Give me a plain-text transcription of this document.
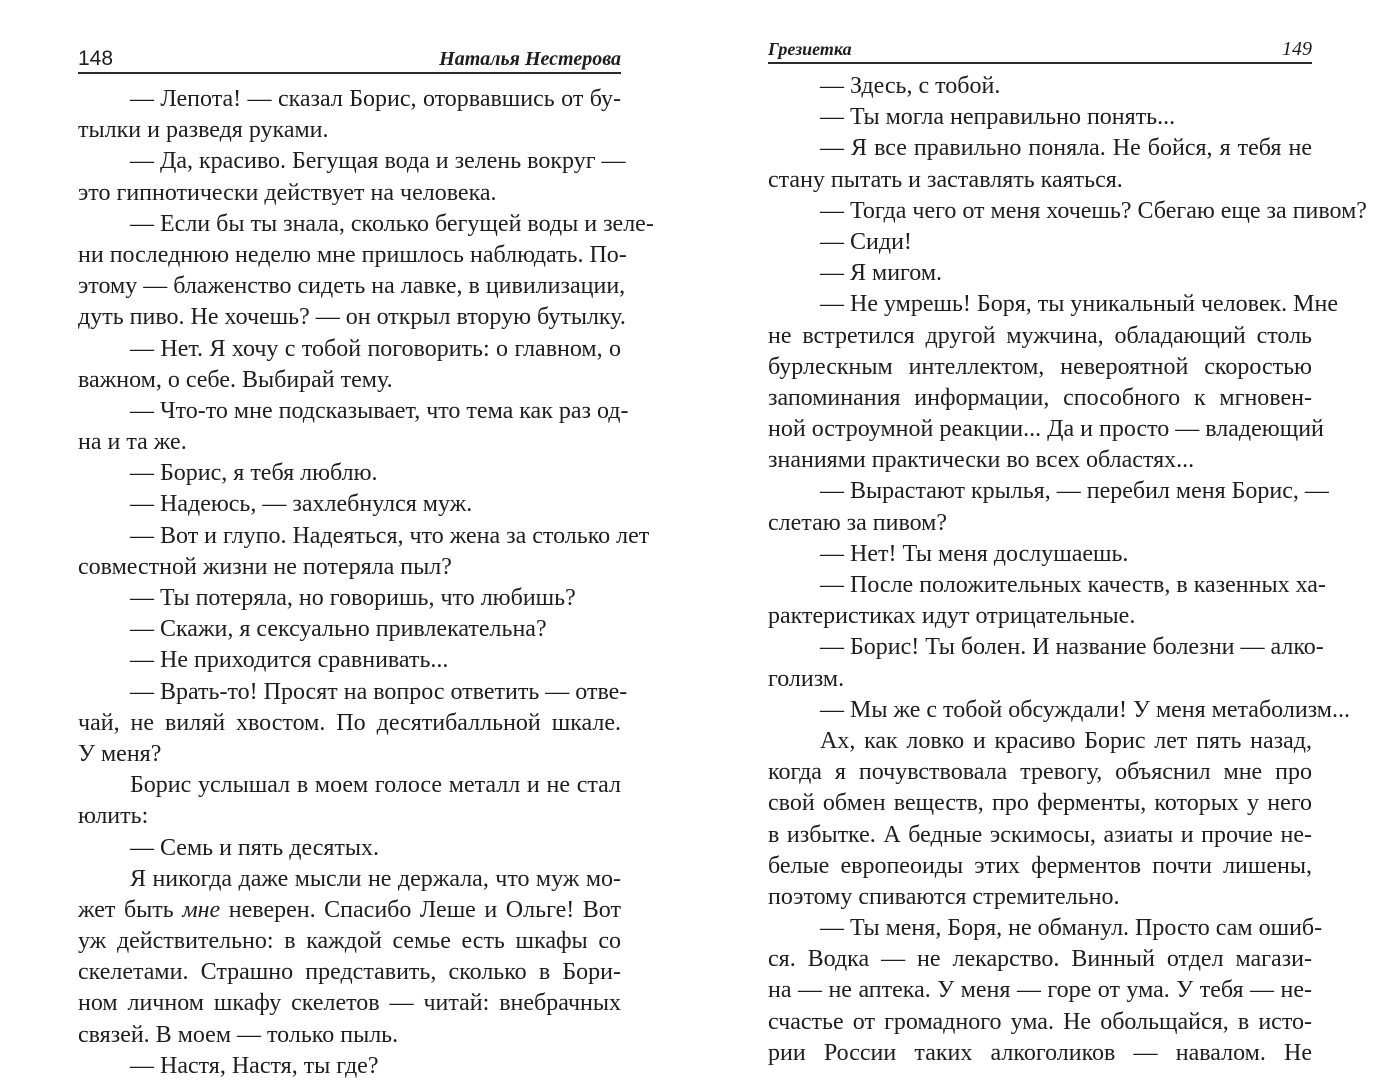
148	Наталья Нестерова
— Лепота! — сказал Борис, оторвавшись от бу-
тылки и разведя руками.
— Да, красиво. Бегущая вода и зелень вокруг —
это гипнотически действует на человека.
— Если бы ты знала, сколько бегущей воды и зеле-
ни последнюю неделю мне пришлось наблюдать. По-
этому — блаженство сидеть на лавке, в цивилизации,
дуть пиво. Не хочешь? — он открыл вторую бутылку.
— Нет. Я хочу с тобой поговорить: о главном, о
важном, о себе. Выбирай тему.
— Что-то мне подсказывает, что тема как раз од-
на и та же.
— Борис, я тебя люблю.
— Надеюсь, — захлебнулся муж.
— Вот и глупо. Надеяться, что жена за столько лет
совместной жизни не потеряла пыл?
— Ты потеряла, но говоришь, что любишь?
— Скажи, я сексуально привлекательна?
— Не приходится сравнивать...
— Врать-то! Просят на вопрос ответить — отве-
чай, не виляй хвостом. По десятибалльной шкале.
У меня?
Борис услышал в моем голосе металл и не стал
юлить:
— Семь и пять десятых.
Я никогда даже мысли не держала, что муж мо-
жет быть мне неверен. Спасибо Леше и Ольге! Вот
уж действительно: в каждой семье есть шкафы со
скелетами. Страшно представить, сколько в Бори-
ном личном шкафу скелетов — читай: внебрачных
связей. В моем — только пыль.
— Настя, Настя, ты где?
Грезиетка	149
— Здесь, с тобой.
— Ты могла неправильно понять...
— Я все правильно поняла. Не бойся, я тебя не
стану пытать и заставлять каяться.
— Тогда чего от меня хочешь? Сбегаю еще за пивом?
— Сиди!
— Я мигом.
— Не умрешь! Боря, ты уникальный человек. Мне
не встретился другой мужчина, обладающий столь
бурлескным интеллектом, невероятной скоростью
запоминания информации, способного к мгновен-
ной остроумной реакции... Да и просто — владеющий
знаниями практически во всех областях...
— Вырастают крылья, — перебил меня Борис, —
слетаю за пивом?
— Нет! Ты меня дослушаешь.
— После положительных качеств, в казенных ха-
рактеристиках идут отрицательные.
— Борис! Ты болен. И название болезни — алко-
голизм.
— Мы же с тобой обсуждали! У меня метаболизм...
Ах, как ловко и красиво Борис лет пять назад,
когда я почувствовала тревогу, объяснил мне про
свой обмен веществ, про ферменты, которых у него
в избытке. А бедные эскимосы, азиаты и прочие не-
белые европеоиды этих ферментов почти лишены,
поэтому спиваются стремительно.
— Ты меня, Боря, не обманул. Просто сам ошиб-
ся. Водка — не лекарство. Винный отдел магази-
на — не аптека. У меня — горе от ума. У тебя — не-
счастье от громадного ума. Не обольщайся, в исто-
рии России таких алкоголиков — навалом. Не
